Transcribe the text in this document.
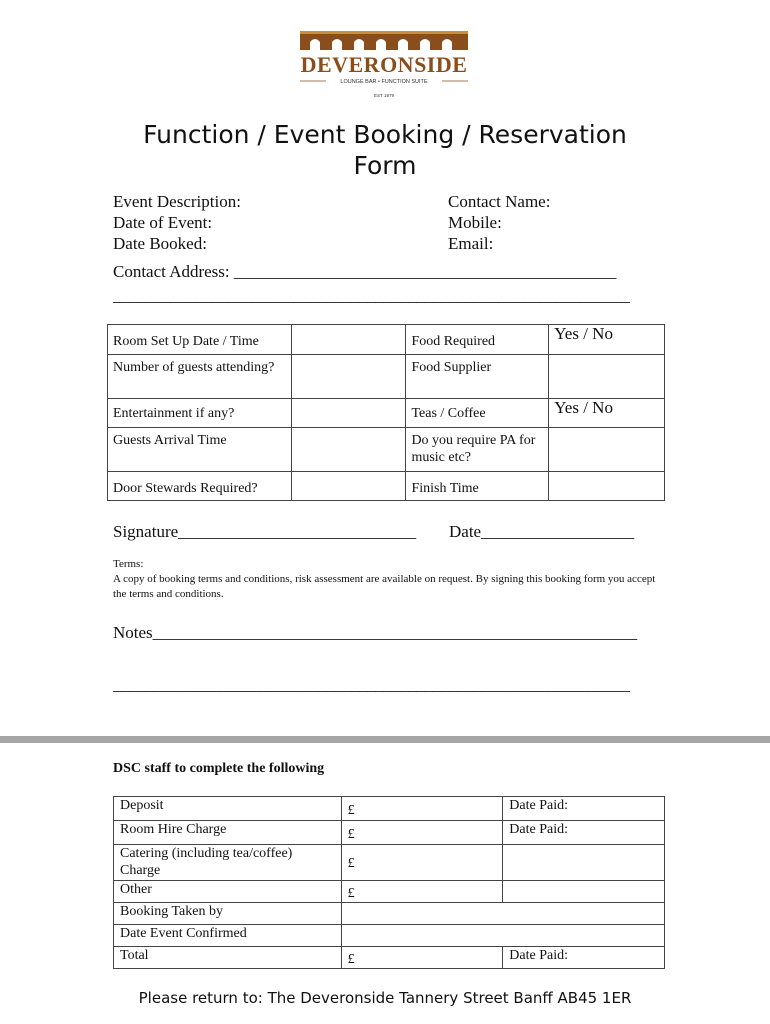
DEVERONSIDE
LOUNGE BAR • FUNCTION SUITE
EST 1979
Function / Event Booking / Reservation
Form
Event Description:
Date of Event:
Date Booked:
Contact Name:
Mobile:
Email:
Contact Address: _____________________________________________
_______________________________________________________________
Room Set Up Date / Time		Food Required	Yes / No
Number of guests attending?		Food Supplier	
Entertainment if any?		Teas / Coffee	Yes / No
Guests Arrival Time		Do you require PA for music etc?	
Door Stewards Required?		Finish Time	
Signature____________________________ Date__________________
Terms:
A copy of booking terms and conditions, risk assessment are available on request. By signing this booking form you accept the terms and conditions.
Notes_________________________________________________________
_______________________________________________________________
DSC staff to complete the following
Deposit	£	Date Paid:
Room Hire Charge	£	Date Paid:
Catering (including tea/coffee) Charge	£	
Other	£	
Booking Taken by		
Date Event Confirmed		
Total	£	Date Paid:
Please return to: The Deveronside Tannery Street Banff AB45 1ER
